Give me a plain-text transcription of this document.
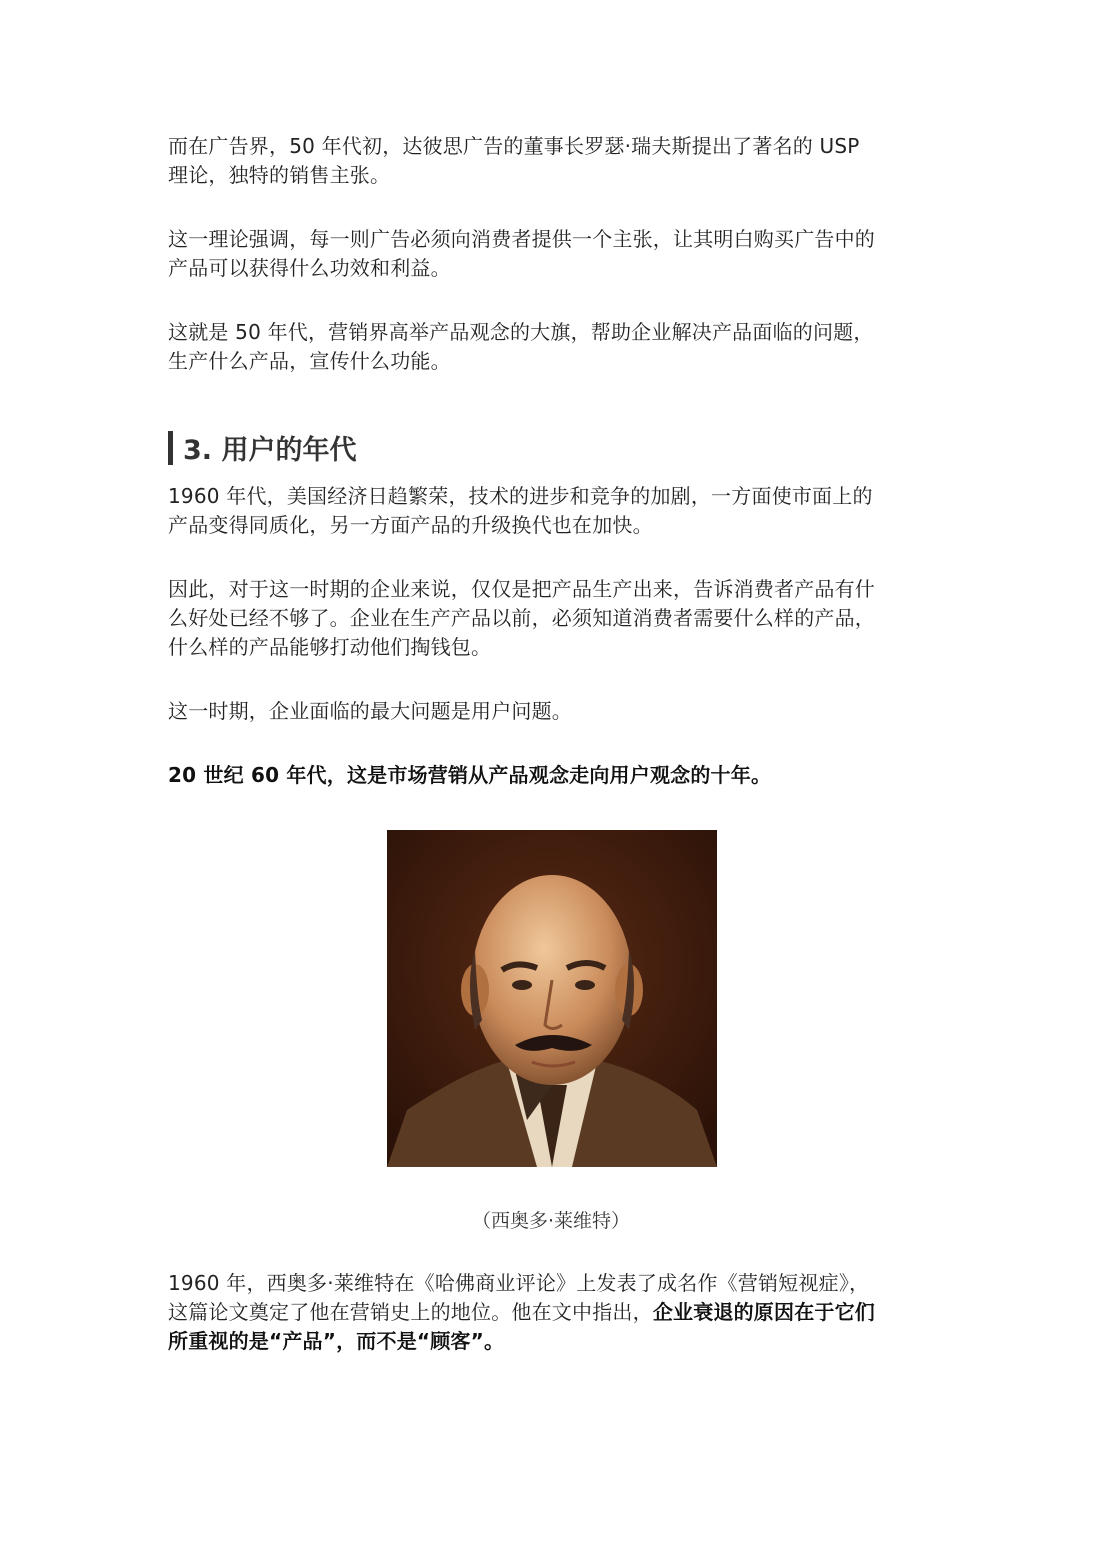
而在广告界，50 年代初，达彼思广告的董事长罗瑟·瑞夫斯提出了著名的 USP
理论，独特的销售主张。
这一理论强调，每一则广告必须向消费者提供一个主张，让其明白购买广告中的
产品可以获得什么功效和利益。
这就是 50 年代，营销界高举产品观念的大旗，帮助企业解决产品面临的问题，
生产什么产品，宣传什么功能。
3. 用户的年代
1960 年代，美国经济日趋繁荣，技术的进步和竞争的加剧，一方面使市面上的
产品变得同质化，另一方面产品的升级换代也在加快。
因此，对于这一时期的企业来说，仅仅是把产品生产出来，告诉消费者产品有什
么好处已经不够了。企业在生产产品以前，必须知道消费者需要什么样的产品，
什么样的产品能够打动他们掏钱包。
这一时期，企业面临的最大问题是用户问题。
20 世纪 60 年代，这是市场营销从产品观念走向用户观念的十年。
（西奥多·莱维特）
1960 年，西奥多·莱维特在《哈佛商业评论》上发表了成名作《营销短视症》，
这篇论文奠定了他在营销史上的地位。他在文中指出，企业衰退的原因在于它们
所重视的是“产品”，而不是“顾客”。
